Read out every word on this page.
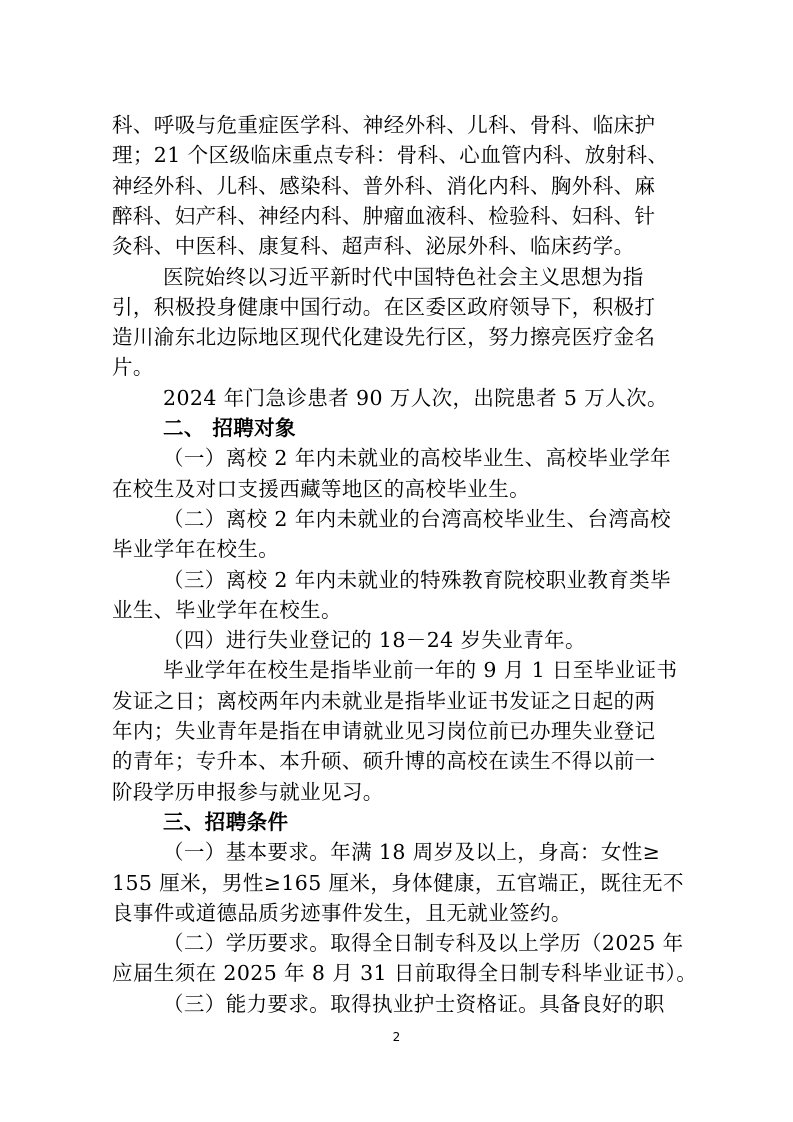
科、呼吸与危重症医学科、神经外科、儿科、骨科、临床护
理；21 个区级临床重点专科：骨科、心血管内科、放射科、
神经外科、儿科、感染科、普外科、消化内科、胸外科、麻
醉科、妇产科、神经内科、肿瘤血液科、检验科、妇科、针
灸科、中医科、康复科、超声科、泌尿外科、临床药学。
医院始终以习近平新时代中国特色社会主义思想为指
引，积极投身健康中国行动。在区委区政府领导下，积极打
造川渝东北边际地区现代化建设先行区，努力擦亮医疗金名
片。
2024 年门急诊患者 90 万人次，出院患者 5 万人次。
二、 招聘对象
（一）离校 2 年内未就业的高校毕业生、高校毕业学年
在校生及对口支援西藏等地区的高校毕业生。
（二）离校 2 年内未就业的台湾高校毕业生、台湾高校
毕业学年在校生。
（三）离校 2 年内未就业的特殊教育院校职业教育类毕
业生、毕业学年在校生。
（四）进行失业登记的 18－24 岁失业青年。
毕业学年在校生是指毕业前一年的 9 月 1 日至毕业证书
发证之日；离校两年内未就业是指毕业证书发证之日起的两
年内；失业青年是指在申请就业见习岗位前已办理失业登记
的青年；专升本、本升硕、硕升博的高校在读生不得以前一
阶段学历申报参与就业见习。
三、招聘条件
（一）基本要求。年满 18 周岁及以上，身高：女性≥
155 厘米，男性≥165 厘米，身体健康，五官端正，既往无不
良事件或道德品质劣迹事件发生，且无就业签约。
（二）学历要求。取得全日制专科及以上学历（2025 年
应届生须在 2025 年 8 月 31 日前取得全日制专科毕业证书）。
（三）能力要求。取得执业护士资格证。具备良好的职
2
